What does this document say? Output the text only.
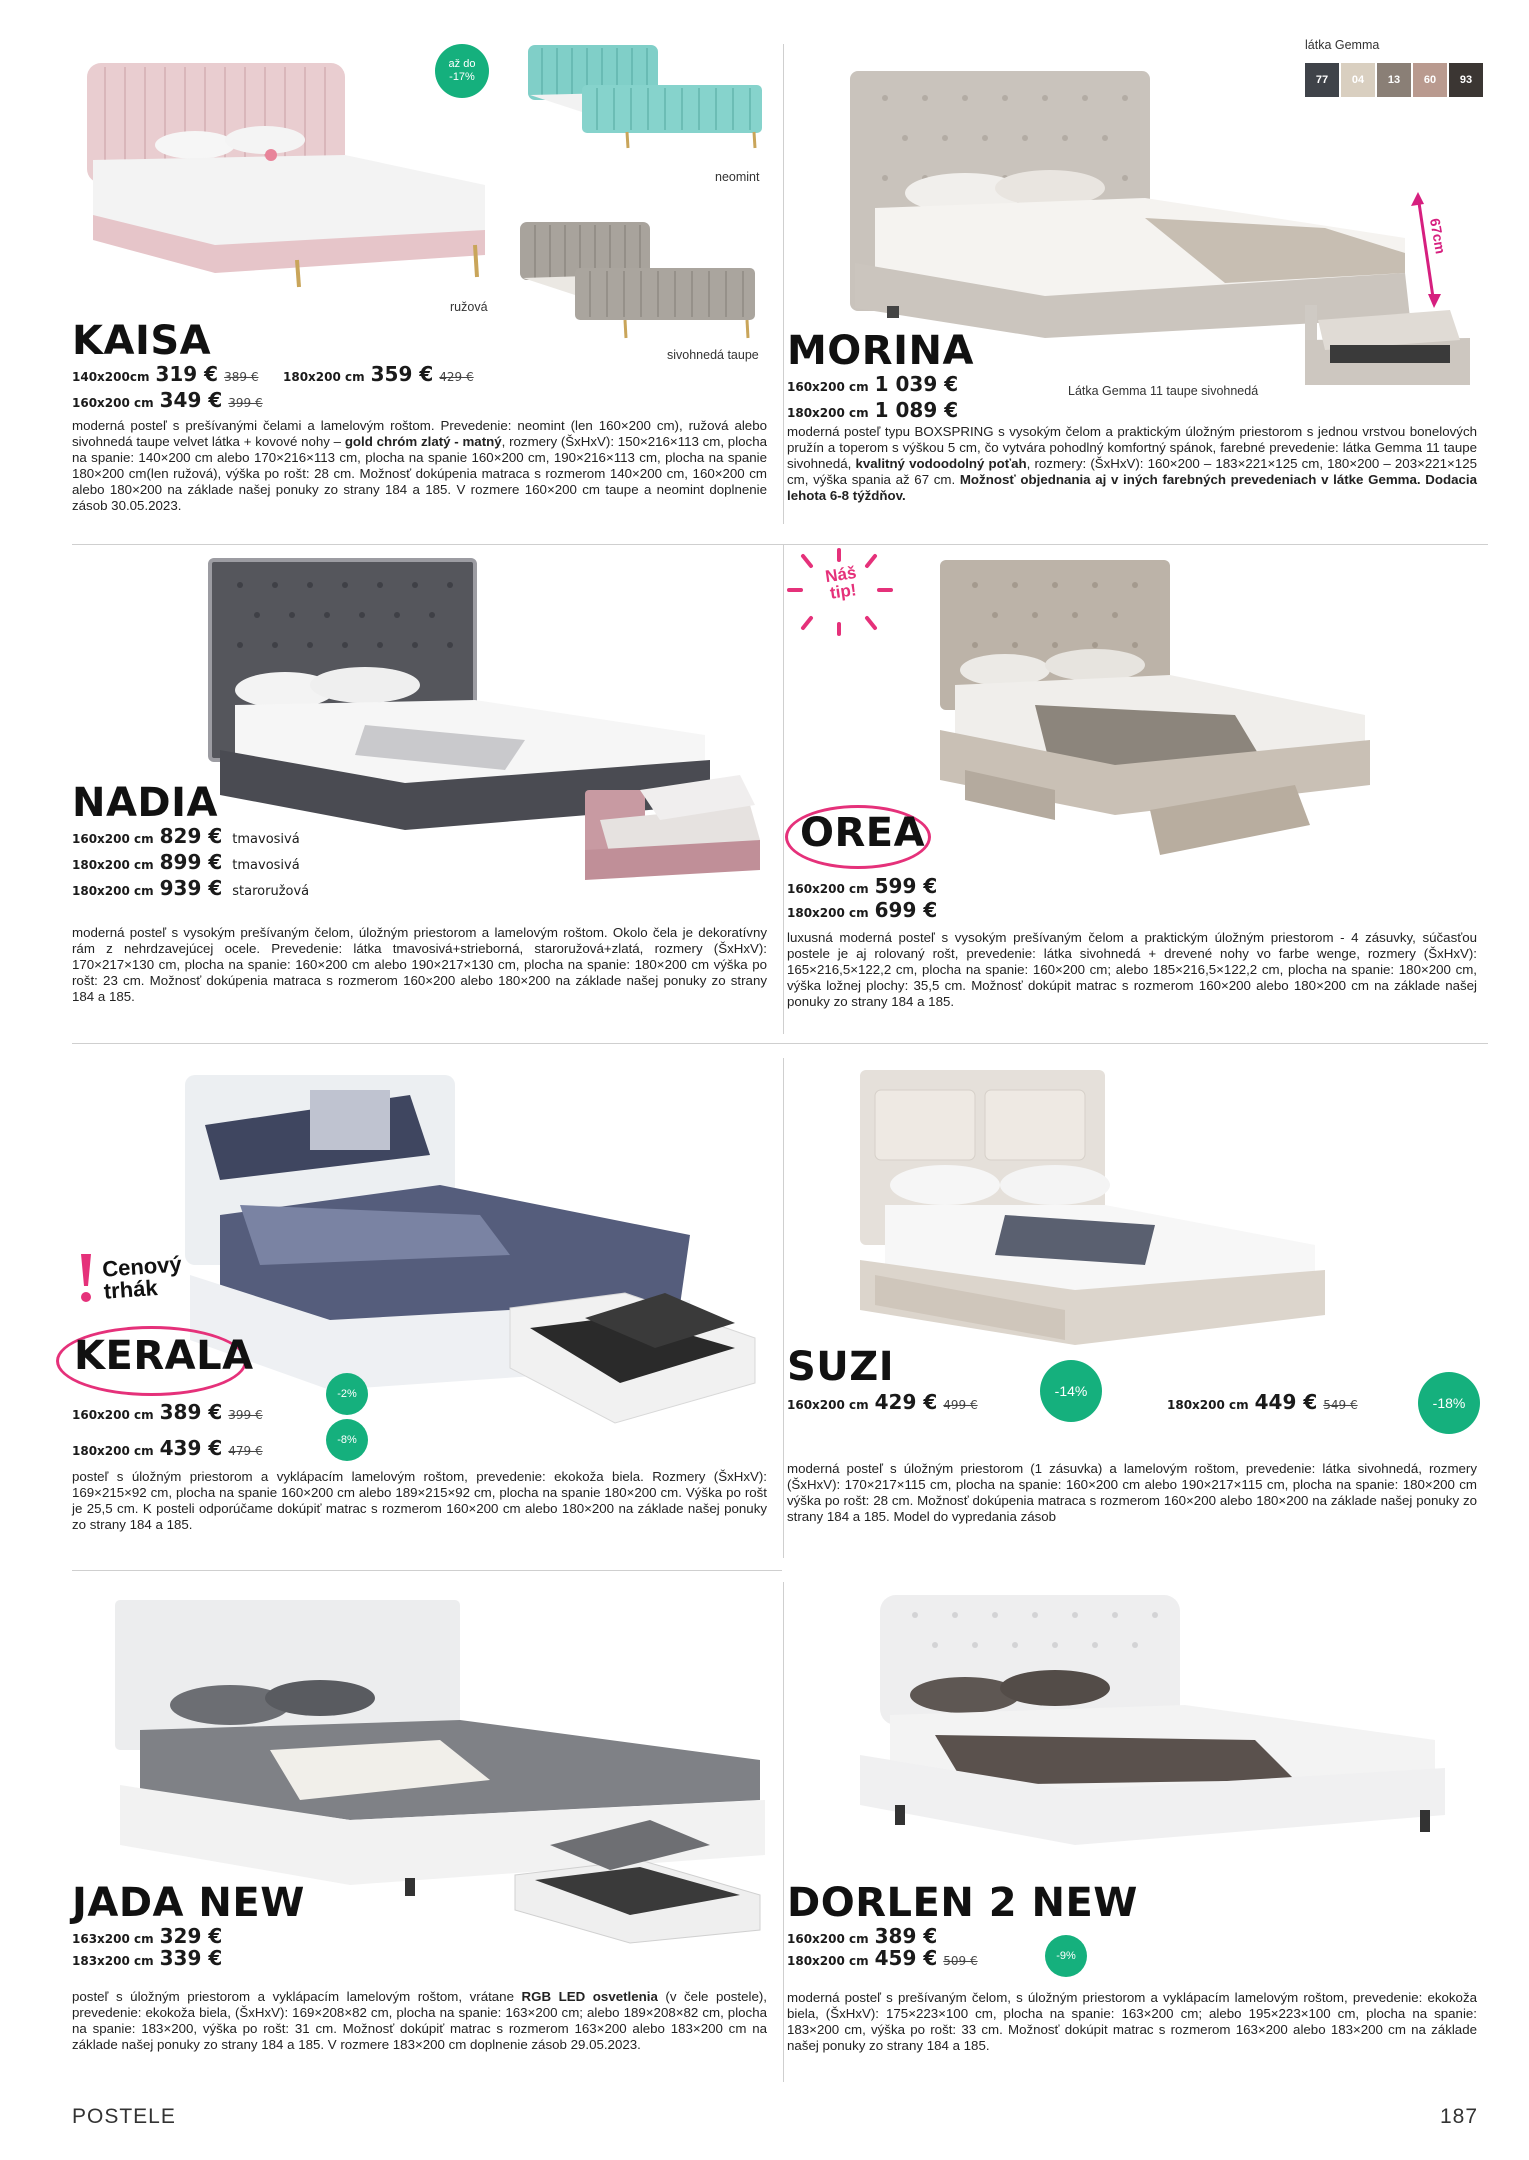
až do -17%
neomint
ružová
sivohnedá taupe
KAISA
140x200cm 319 € 389 € 180x200 cm 359 € 429 €
160x200 cm 349 € 399 €
moderná posteľ s prešívanými čelami a lamelovým roštom. Prevedenie: neomint (len 160×200 cm), ružová alebo sivohnedá taupe velvet látka + kovové nohy – gold chróm zlatý - matný, rozmery (ŠxHxV): 150×216×113 cm, plocha na spanie: 140×200 cm alebo 170×216×113 cm, plocha na spanie 160×200 cm, 190×216×113 cm, plocha na spanie 180×200 cm(len ružová), výška po rošt: 28 cm. Možnosť dokúpenia matraca s rozmerom 140×200 cm, 160×200 cm alebo 180×200 na základe našej ponuky zo strany 184 a 185. V rozmere 160×200 cm taupe a neomint doplnenie zásob 30.05.2023.
látka Gemma
77	04	13	60	93
67cm
MORINA
160x200 cm 1 039 €
180x200 cm 1 089 €
Látka Gemma 11 taupe sivohnedá
moderná posteľ typu BOXSPRING s vysokým čelom a praktickým úložným priestorom s jednou vrstvou bonelových pružín a toperom s výškou 5 cm, čo vytvára pohodlný komfortný spánok, farebné prevedenie: látka Gemma 11 taupe sivohnedá, kvalitný vodoodolný poťah, rozmery: (ŠxHxV): 160×200 – 183×221×125 cm, 180×200 – 203×221×125 cm, výška spania až 67 cm. Možnosť objednania aj v iných farebných prevedeniach v látke Gemma. Dodacia lehota 6-8 týždňov.
NADIA
160x200 cm 829 € tmavosivá
180x200 cm 899 € tmavosivá
180x200 cm 939 € staroružová
moderná posteľ s vysokým prešívaným čelom, úložným priestorom a lamelovým roštom. Okolo čela je dekoratívny rám z nehrdzavejúcej ocele. Prevedenie: látka tmavosivá+strieborná, staroružová+zlatá, rozmery (ŠxHxV): 170×217×130 cm, plocha na spanie: 160×200 cm alebo 190×217×130 cm, plocha na spanie: 180×200 cm výška po rošt: 23 cm. Možnosť dokúpenia matraca s rozmerom 160×200 alebo 180×200 na základe našej ponuky zo strany 184 a 185.
Náš tip!
OREA
160x200 cm 599 €
180x200 cm 699 €
luxusná moderná posteľ s vysokým prešívaným čelom a praktickým úložným priestorom - 4 zásuvky, súčasťou postele je aj rolovaný rošt, prevedenie: látka sivohnedá + drevené nohy vo farbe wenge, rozmery (ŠxHxV): 165×216,5×122,2 cm, plocha na spanie: 160×200 cm; alebo 185×216,5×122,2 cm, plocha na spanie: 180×200 cm, výška ložnej plochy: 35,5 cm. Možnosť dokúpit matrac s rozmerom 160×200 alebo 180×200 cm na základe našej ponuky zo strany 184 a 185.
Cenový
trhák
KERALA
-2%
-8%
160x200 cm 389 € 399 €
180x200 cm 439 € 479 €
posteľ s úložným priestorom a vyklápacím lamelovým roštom, prevedenie: ekokoža biela. Rozmery (ŠxHxV): 169×215×92 cm, plocha na spanie 160×200 cm alebo 189×215×92 cm, plocha na spanie 180×200 cm. Výška po rošt je 25,5 cm. K posteli odporúčame dokúpiť matrac s rozmerom 160×200 cm alebo 180×200 na základe našej ponuky zo strany 184 a 185.
-14%
-18%
SUZI
160x200 cm 429 € 499 €	180x200 cm 449 € 549 €
moderná posteľ s úložným priestorom (1 zásuvka) a lamelovým roštom, prevedenie: látka sivohnedá, rozmery (ŠxHxV): 170×217×115 cm, plocha na spanie: 160×200 cm alebo 190×217×115 cm, plocha na spanie: 180×200 cm výška po rošt: 28 cm. Možnosť dokúpenia matraca s rozmerom 160×200 alebo 180×200 na základe našej ponuky zo strany 184 a 185. Model do vypredania zásob
JADA NEW
163x200 cm 329 €
183x200 cm 339 €
posteľ s úložným priestorom a vyklápacím lamelovým roštom, vrátane RGB LED osvetlenia (v čele postele), prevedenie: ekokoža biela, (ŠxHxV): 169×208×82 cm, plocha na spanie: 163×200 cm; alebo 189×208×82 cm, plocha na spanie: 183×200, výška po rošt: 31 cm. Možnosť dokúpiť matrac s rozmerom 163×200 alebo 183×200 cm na základe našej ponuky zo strany 184 a 185. V rozmere 183×200 cm doplnenie zásob 29.05.2023.
DORLEN 2 NEW
160x200 cm 389 €
180x200 cm 459 € 509 €	-9%
moderná posteľ s prešívaným čelom, s úložným priestorom a vyklápacím lamelovým roštom, prevedenie: ekokoža biela, (ŠxHxV): 175×223×100 cm, plocha na spanie: 163×200 cm; alebo 195×223×100 cm, plocha na spanie: 183×200 cm, výška po rošt: 33 cm. Možnosť dokúpit matrac s rozmerom 163×200 alebo 183×200 cm na základe našej ponuky zo strany 184 a 185.
POSTELE	187
